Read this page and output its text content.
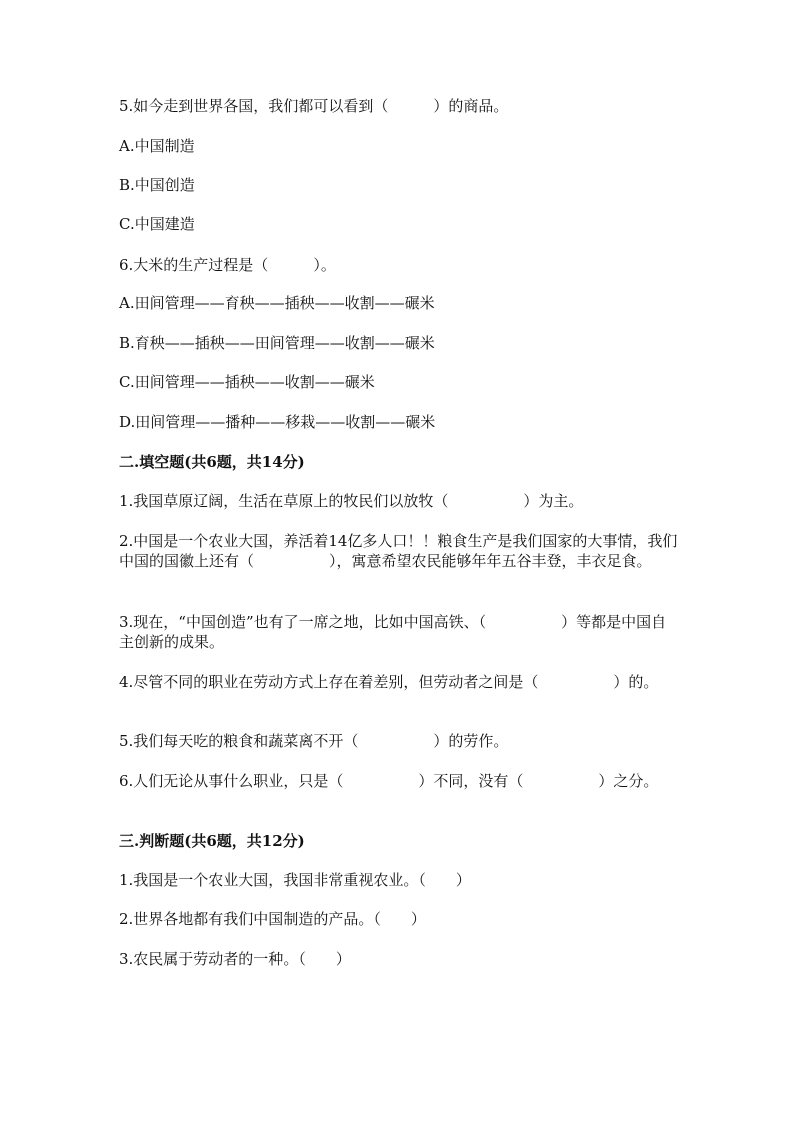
5.如今走到世界各国，我们都可以看到（　　　）的商品。
A.中国制造
B.中国创造
C.中国建造
6.大米的生产过程是（　　　）。
A.田间管理——育秧——插秧——收割——碾米
B.育秧——插秧——田间管理——收割——碾米
C.田间管理——插秧——收割——碾米
D.田间管理——播种——移栽——收割——碾米
二.填空题(共6题，共14分)
1.我国草原辽阔，生活在草原上的牧民们以放牧（　　　　　）为主。
2.中国是一个农业大国，养活着14亿多人口！！粮食生产是我们国家的大事情，我们中国的国徽上还有（　　　　　），寓意希望农民能够年年五谷丰登，丰衣足食。
3.现在，“中国创造”也有了一席之地，比如中国高铁、（　　　　　）等都是中国自主创新的成果。
4.尽管不同的职业在劳动方式上存在着差别，但劳动者之间是（　　　　　）的。
5.我们每天吃的粮食和蔬菜离不开（　　　　　）的劳作。
6.人们无论从事什么职业，只是（　　　　　）不同，没有（　　　　　）之分。
三.判断题(共6题，共12分)
1.我国是一个农业大国，我国非常重视农业。（　　）
2.世界各地都有我们中国制造的产品。（　　）
3.农民属于劳动者的一种。（　　）
